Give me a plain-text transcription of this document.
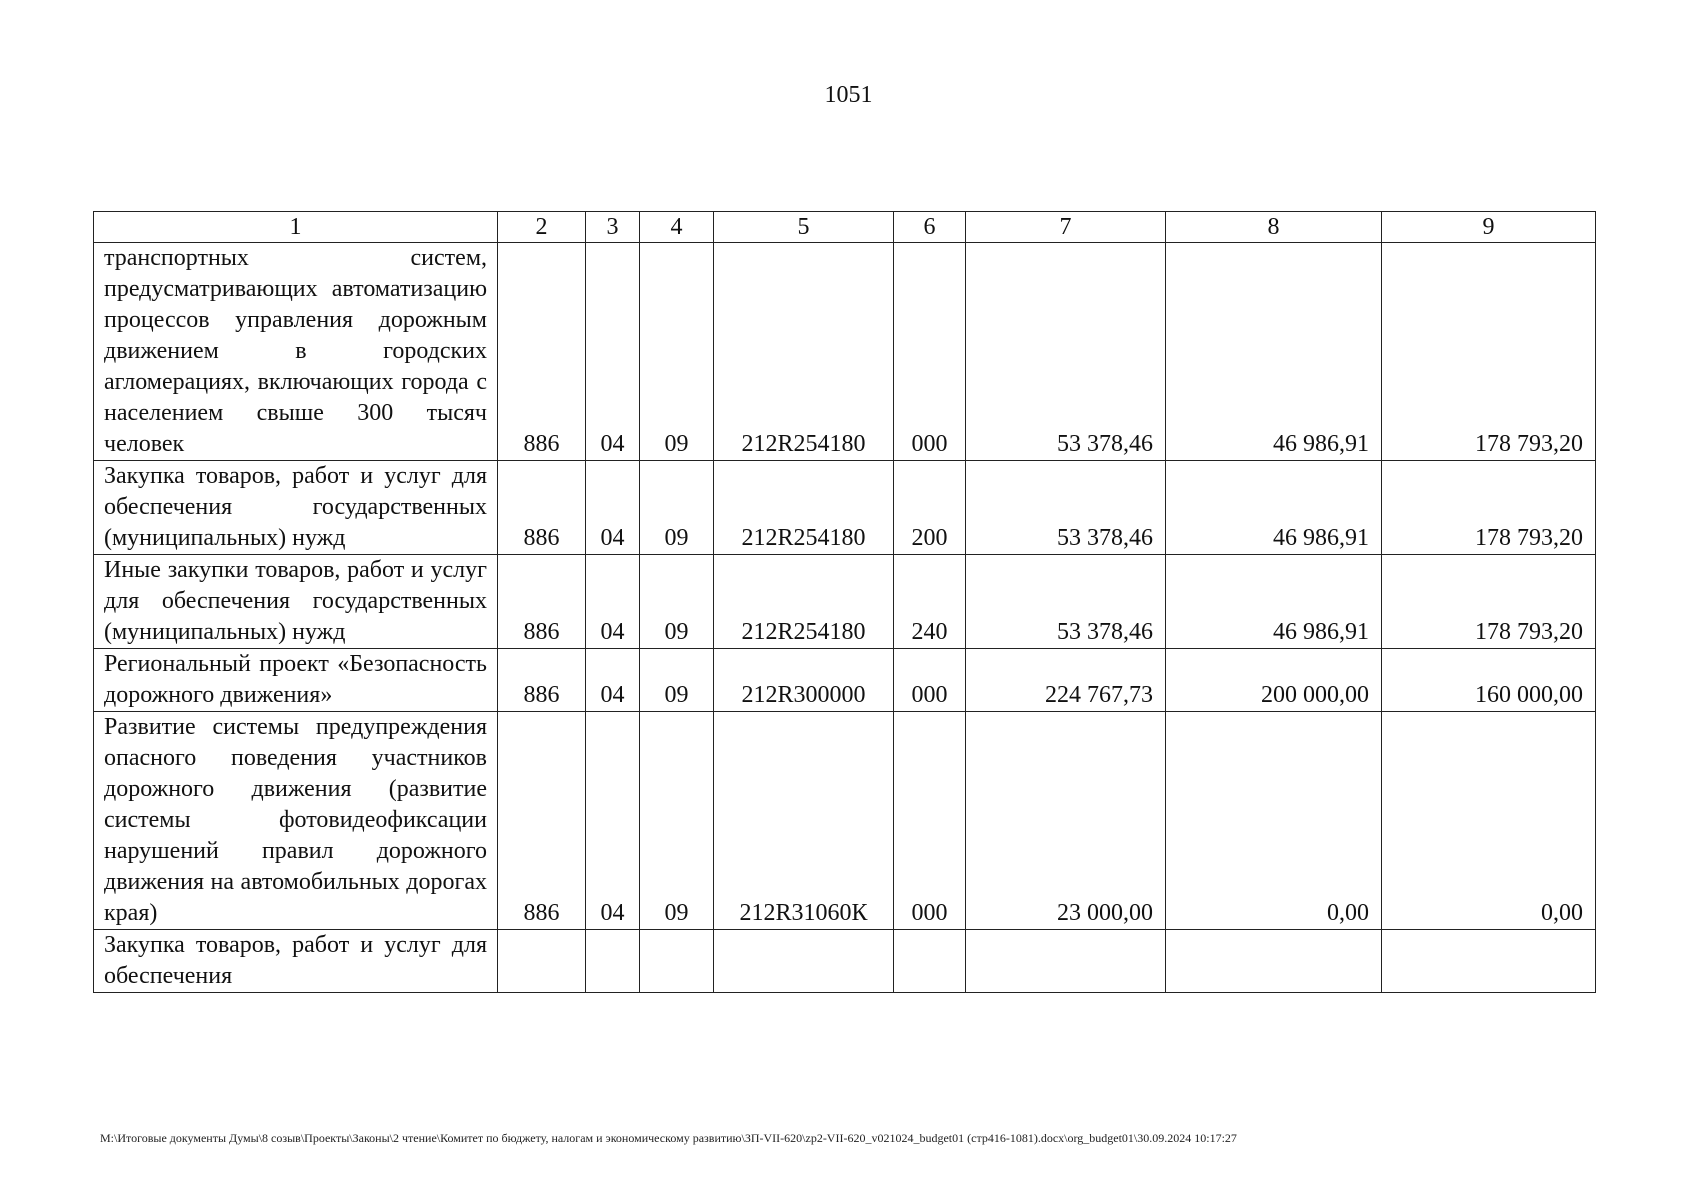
1051
1	2	3	4	5	6	7	8	9
транспортных систем, предусматривающих автоматизацию процессов управления дорожным движением в городских агломерациях, включающих города с населением свыше 300 тысяч человек	886	04	09	212R254180	000	53 378,46	46 986,91	178 793,20
Закупка товаров, работ и услуг для обеспечения государственных (муниципальных) нужд	886	04	09	212R254180	200	53 378,46	46 986,91	178 793,20
Иные закупки товаров, работ и услуг для обеспечения государственных (муниципальных) нужд	886	04	09	212R254180	240	53 378,46	46 986,91	178 793,20
Региональный проект «Безопасность дорожного движения»	886	04	09	212R300000	000	224 767,73	200 000,00	160 000,00
Развитие системы предупреждения опасного поведения участников дорожного движения (развитие системы фотовидеофиксации нарушений правил дорожного движения на автомобильных дорогах края)	886	04	09	212R31060К	000	23 000,00	0,00	0,00
Закупка товаров, работ и услуг для обеспечения								
M:\Итоговые документы Думы\8 созыв\Проекты\Законы\2 чтение\Комитет по бюджету, налогам и экономическому развитию\ЗП-VII-620\zp2-VII-620_v021024_budget01 (стр416-1081).docx\org_budget01\30.09.2024 10:17:27
